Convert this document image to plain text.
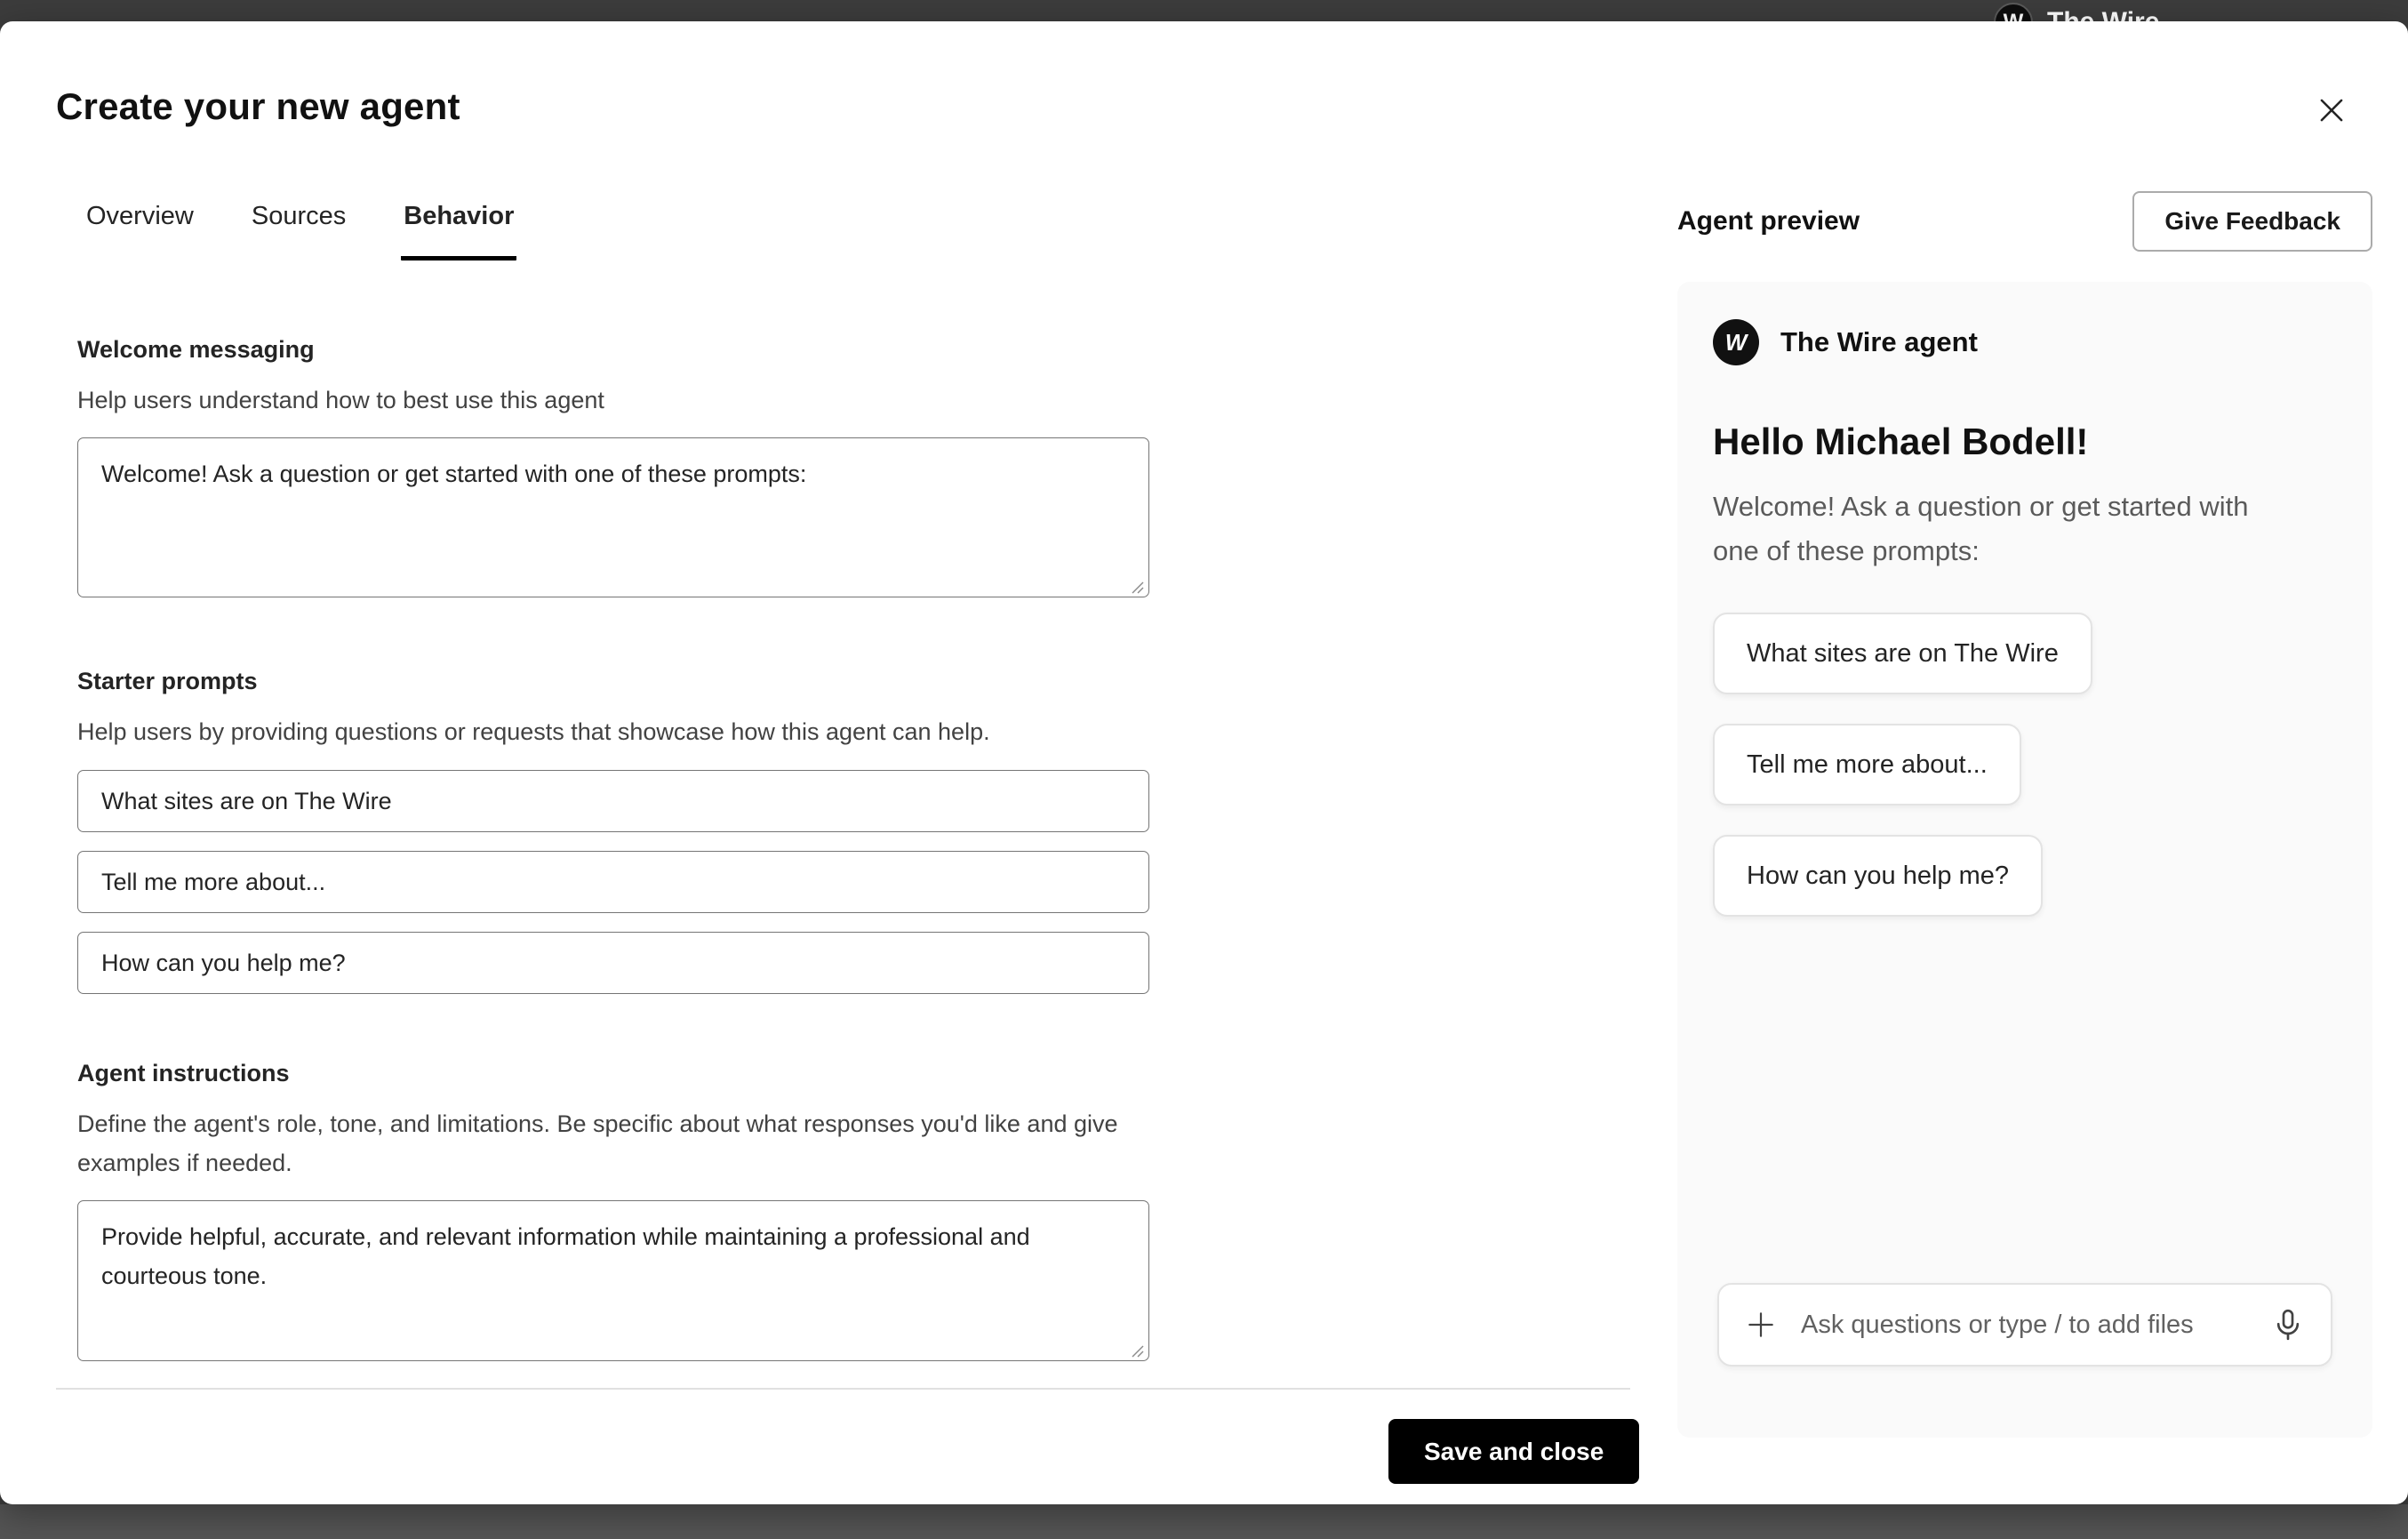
Create your new agent
Overview Sources Behavior
Welcome messaging
Help users understand how to best use this agent
Welcome! Ask a question or get started with one of these prompts:
Starter prompts
Help users by providing questions or requests that showcase how this agent can help.
What sites are on The Wire
Tell me more about...
How can you help me?
Agent instructions
Define the agent's role, tone, and limitations. Be specific about what responses you'd like and give examples if needed.
Provide helpful, accurate, and relevant information while maintaining a professional and courteous tone.
Save and close
Agent preview	Give Feedback
W	The Wire agent
Hello Michael Bodell!
Welcome! Ask a question or get started with one of these prompts:
What sites are on The Wire
Tell me more about...
How can you help me?
Ask questions or type / to add files
